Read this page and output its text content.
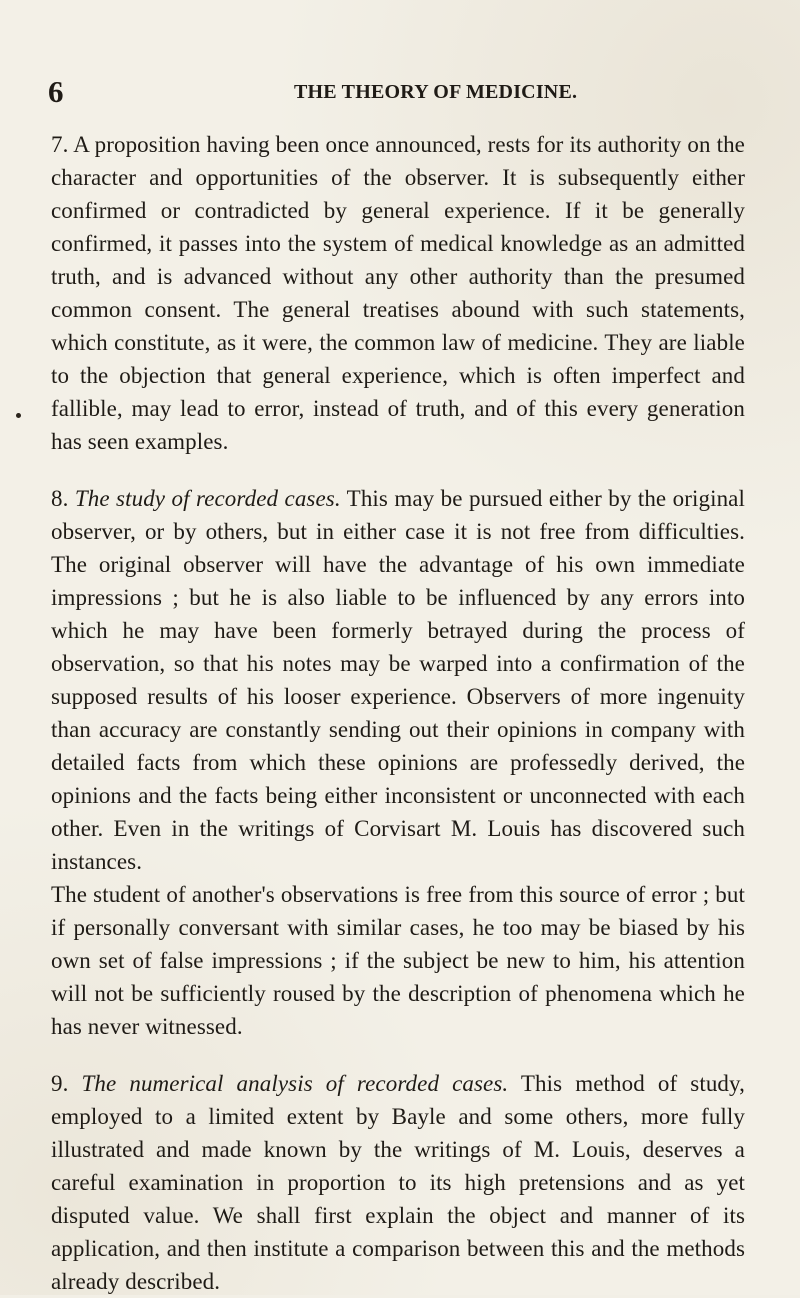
6	THE THEORY OF MEDICINE.

7. A proposition having been once announced, rests for its authority on the character and opportunities of the observer. It is subsequently either confirmed or contradicted by general experience. If it be generally confirmed, it passes into the system of medical knowledge as an admitted truth, and is advanced without any other authority than the presumed common consent. The general treatises abound with such statements, which constitute, as it were, the common law of medicine. They are liable to the objection that general experience, which is often imperfect and fallible, may lead to error, instead of truth, and of this every generation has seen examples.

8. The study of recorded cases. This may be pursued either by the original observer, or by others, but in either case it is not free from difficulties. The original observer will have the advantage of his own immediate impressions ; but he is also liable to be influenced by any errors into which he may have been formerly betrayed during the process of observation, so that his notes may be warped into a confirmation of the supposed results of his looser experience. Observers of more ingenuity than accuracy are constantly sending out their opinions in company with detailed facts from which these opinions are professedly derived, the opinions and the facts being either inconsistent or unconnected with each other. Even in the writings of Corvisart M. Louis has discovered such instances.

The student of another's observations is free from this source of error ; but if personally conversant with similar cases, he too may be biased by his own set of false impressions ; if the subject be new to him, his attention will not be sufficiently roused by the description of phenomena which he has never witnessed.

9. The numerical analysis of recorded cases. This method of study, employed to a limited extent by Bayle and some others, more fully illustrated and made known by the writings of M. Louis, deserves a careful examination in proportion to its high pretensions and as yet disputed value. We shall first explain the object and manner of its application, and then institute a comparison between this and the methods already described.
